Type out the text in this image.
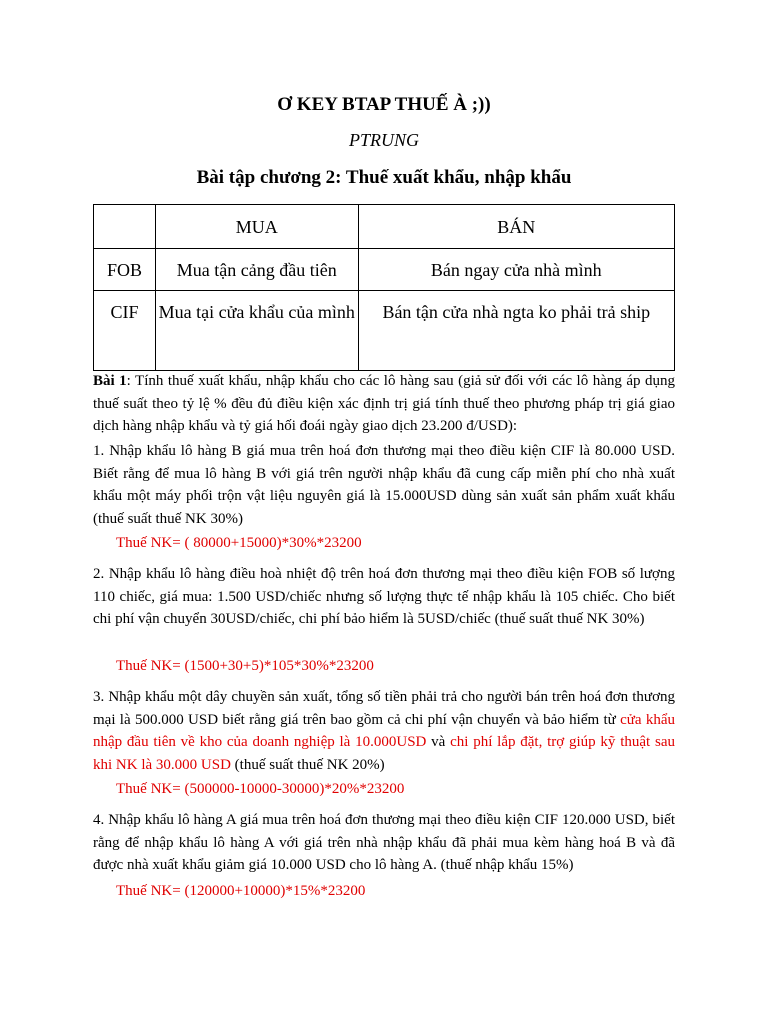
Ơ KEY BTAP THUẾ À ;))

PTRUNG

Bài tập chương 2: Thuế xuất khẩu, nhập khẩu

	MUA	BÁN
FOB	Mua tận cảng đầu tiên	Bán ngay cửa nhà mình
CIF	Mua tại cửa khẩu của mình	Bán tận cửa nhà ngta ko phải trả ship

Bài 1: Tính thuế xuất khẩu, nhập khẩu cho các lô hàng sau (giả sử đối với các lô hàng áp dụng thuế suất theo tỷ lệ % đều đủ điều kiện xác định trị giá tính thuế theo phương pháp trị giá giao dịch hàng nhập khẩu và tỷ giá hối đoái ngày giao dịch 23.200 đ/USD):

1. Nhập khẩu lô hàng B giá mua trên hoá đơn thương mại theo điều kiện CIF là 80.000 USD. Biết rằng để mua lô hàng B với giá trên người nhập khẩu đã cung cấp miễn phí cho nhà xuất khẩu một máy phối trộn vật liệu nguyên giá là 15.000USD dùng sản xuất sản phẩm xuất khẩu (thuế suất thuế NK 30%)

Thuế NK= ( 80000+15000)*30%*23200

2. Nhập khẩu lô hàng điều hoà nhiệt độ trên hoá đơn thương mại theo điều kiện FOB số lượng 110 chiếc, giá mua: 1.500 USD/chiếc nhưng số lượng thực tế nhập khẩu là 105 chiếc. Cho biết chi phí vận chuyển 30USD/chiếc, chi phí bảo hiểm là 5USD/chiếc (thuế suất thuế NK 30%)

Thuế NK= (1500+30+5)*105*30%*23200

3. Nhập khẩu một dây chuyền sản xuất, tổng số tiền phải trả cho người bán trên hoá đơn thương mại là 500.000 USD biết rằng giá trên bao gồm cả chi phí vận chuyển và bảo hiểm từ cửa khẩu nhập đầu tiên về kho của doanh nghiệp là 10.000USD và chi phí lắp đặt, trợ giúp kỹ thuật sau khi NK là 30.000 USD (thuế suất thuế NK 20%)

Thuế NK= (500000-10000-30000)*20%*23200

4. Nhập khẩu lô hàng A giá mua trên hoá đơn thương mại theo điều kiện CIF 120.000 USD, biết rằng để nhập khẩu lô hàng A với giá trên nhà nhập khẩu đã phải mua kèm hàng hoá B và đã được nhà xuất khẩu giảm giá 10.000 USD cho lô hàng A. (thuế nhập khẩu 15%)

Thuế NK= (120000+10000)*15%*23200
